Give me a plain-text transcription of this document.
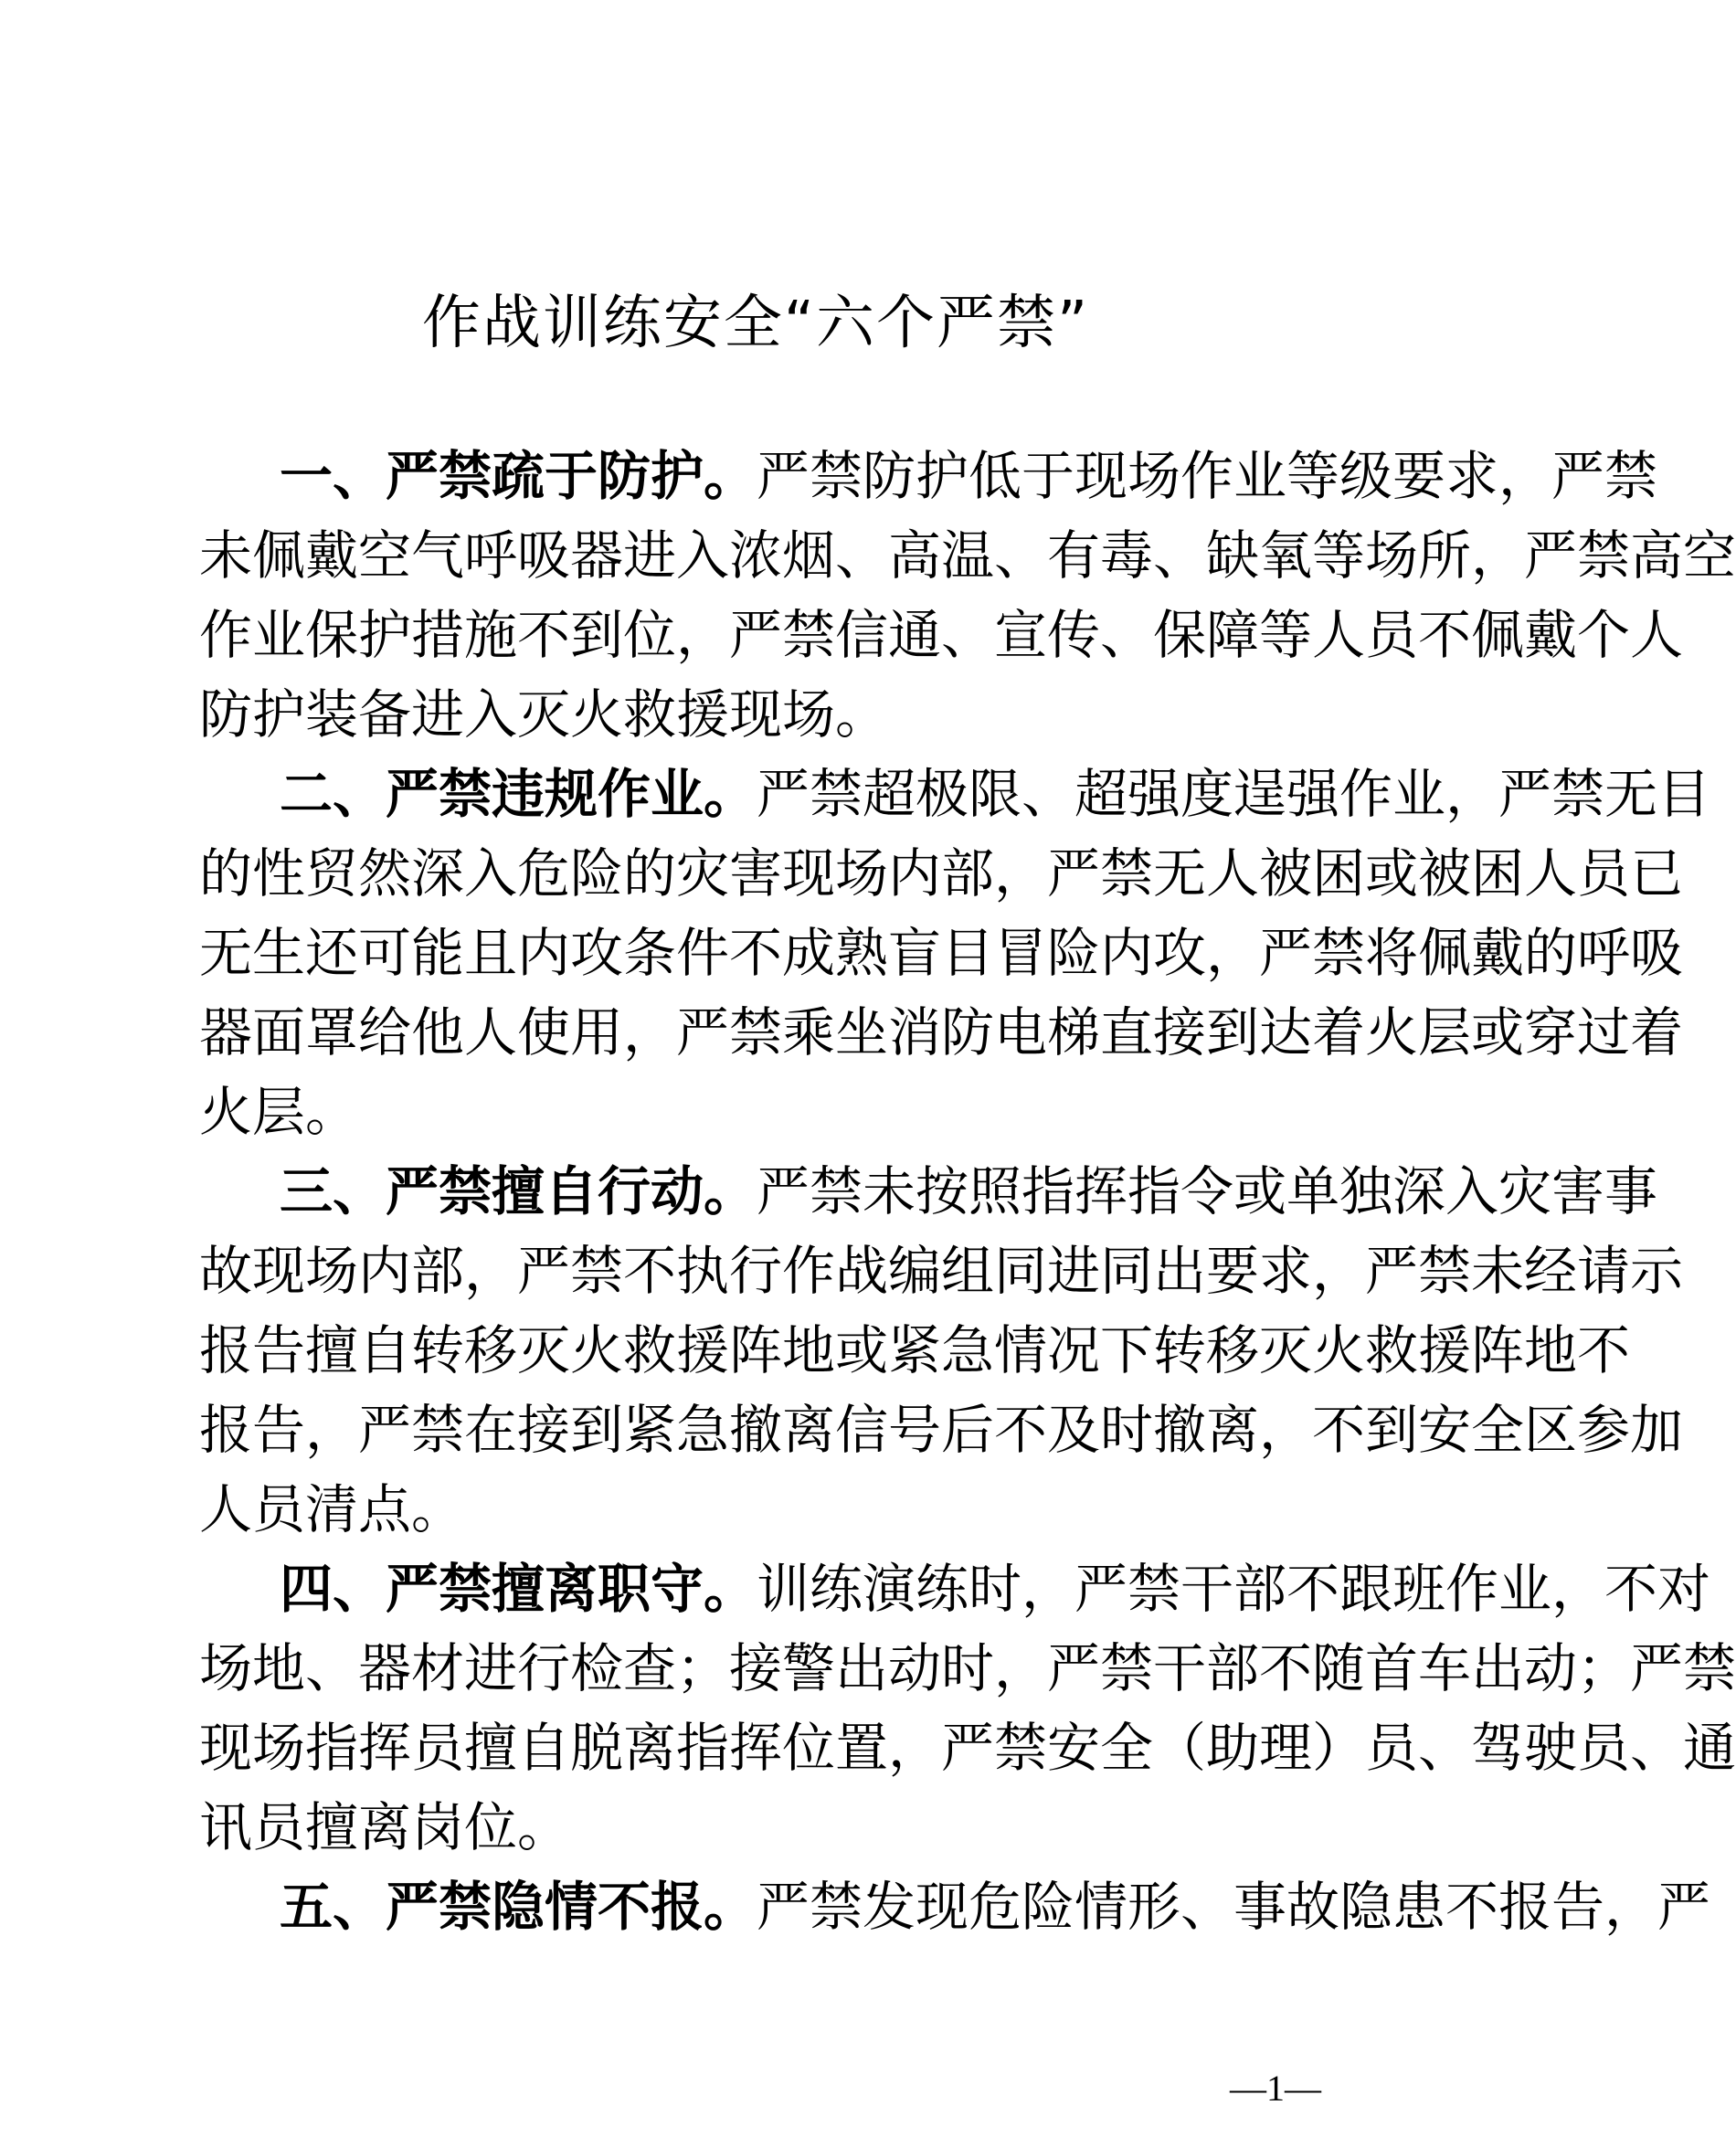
作战训练安全“六个严禁”
一、严禁疏于防护。严禁防护低于现场作业等级要求，严禁
未佩戴空气呼吸器进入浓烟、高温、有毒、缺氧等场所，严禁高空
作业保护措施不到位，严禁信通、宣传、保障等人员不佩戴个人
防护装备进入灭火救援现场。
二、严禁违规作业。严禁超极限、超强度逞强作业，严禁无目
的性贸然深入危险的灾害现场内部，严禁无人被困或被困人员已
无生还可能且内攻条件不成熟盲目冒险内攻，严禁将佩戴的呼吸
器面罩给他人使用，严禁乘坐消防电梯直接到达着火层或穿过着
火层。
三、严禁擅自行动。严禁未按照指挥指令或单独深入灾害事
故现场内部，严禁不执行作战编组同进同出要求，严禁未经请示
报告擅自转移灭火救援阵地或紧急情况下转移灭火救援阵地不
报告，严禁在接到紧急撤离信号后不及时撤离，不到安全区参加
人员清点。
四、严禁擅离职守。训练演练时，严禁干部不跟班作业，不对
场地、器材进行检查；接警出动时，严禁干部不随首车出动；严禁
现场指挥员擅自脱离指挥位置，严禁安全（助理）员、驾驶员、通
讯员擅离岗位。
五、严禁隐情不报。严禁发现危险情形、事故隐患不报告，严
—1—
